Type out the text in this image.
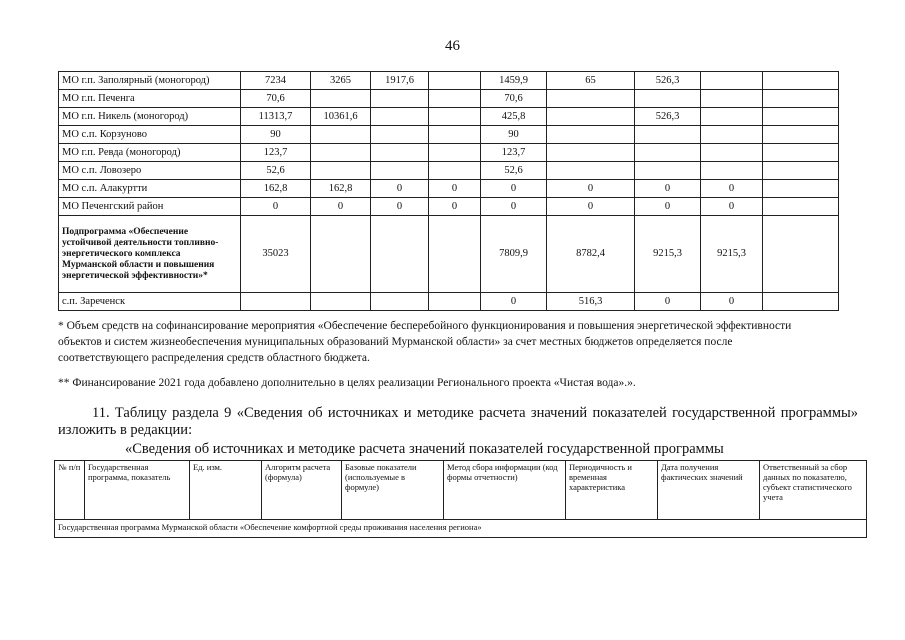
46
МО г.п. Заполярный (моногород)	7234	3265	1917,6		1459,9	65	526,3		
МО г.п. Печенга	70,6				70,6				
МО г.п. Никель (моногород)	11313,7	10361,6			425,8		526,3		
МО с.п. Корзуново	90				90				
МО г.п. Ревда (моногород)	123,7				123,7				
МО с.п. Ловозеро	52,6				52,6				
МО с.п. Алакуртти	162,8	162,8	0	0	0	0	0	0	
МО Печенгский район	0	0	0	0	0	0	0	0	
Подпрограмма «Обеспечение устойчивой деятельности топливно-энергетического комплекса Мурманской области и повышения энергетической эффективности»*	35023				7809,9	8782,4	9215,3	9215,3	
с.п. Зареченск					0	516,3	0	0	
* Объем средств на софинансирование мероприятия «Обеспечение бесперебойного функционирования и повышения энергетической эффективности объектов и систем жизнеобеспечения муниципальных образований Мурманской области» за счет местных бюджетов определяется после соответствующего распределения средств областного бюджета.
** Финансирование 2021 года добавлено дополнительно в целях реализации Регионального проекта «Чистая вода».».
11. Таблицу раздела 9 «Сведения об источниках и методике расчета значений показателей государственной программы» изложить в редакции:
«Сведения об источниках и методике расчета значений показателей государственной программы
№ п/п	Государственная программа, показатель	Ед. изм.	Алгоритм расчета (формула)	Базовые показатели (используемые в формуле)	Метод сбора информации (код формы отчетности)	Периодичность и временная характеристика	Дата получения фактических значений	Ответственный за сбор данных по показателю, субъект статистического учета
Государственная программа Мурманской области «Обеспечение комфортной среды проживания населения региона»
